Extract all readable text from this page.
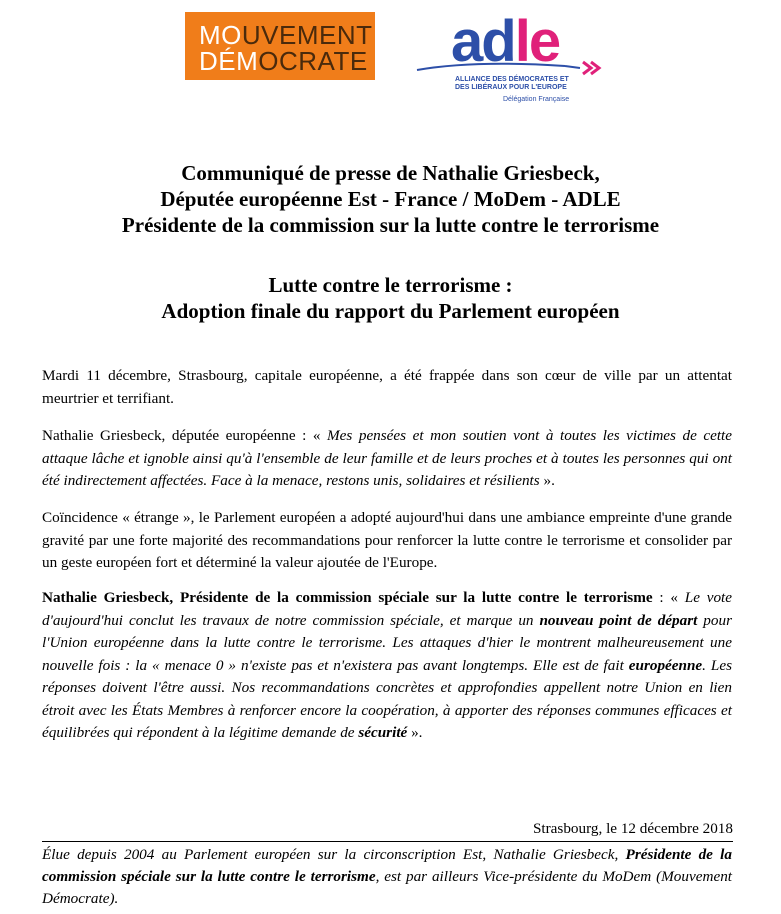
MOUVEMENT
DÉMOCRATE adle
ALLIANCE DES DÉMOCRATES ET
DES LIBÉRAUX POUR L'EUROPE
Délégation Française
Communiqué de presse de Nathalie Griesbeck,
Députée européenne Est - France / MoDem - ADLE
Présidente de la commission sur la lutte contre le terrorisme
Lutte contre le terrorisme :
Adoption finale du rapport du Parlement européen
Mardi 11 décembre, Strasbourg, capitale européenne, a été frappée dans son cœur de ville par un attentat meurtrier et terrifiant.
Nathalie Griesbeck, députée européenne : « Mes pensées et mon soutien vont à toutes les victimes de cette attaque lâche et ignoble ainsi qu'à l'ensemble de leur famille et de leurs proches et à toutes les personnes qui ont été indirectement affectées. Face à la menace, restons unis, solidaires et résilients ».
Coïncidence « étrange », le Parlement européen a adopté aujourd'hui dans une ambiance empreinte d'une grande gravité par une forte majorité des recommandations pour renforcer la lutte contre le terrorisme et consolider par un geste européen fort et déterminé la valeur ajoutée de l'Europe.
Nathalie Griesbeck, Présidente de la commission spéciale sur la lutte contre le terrorisme : « Le vote d'aujourd'hui conclut les travaux de notre commission spéciale, et marque un nouveau point de départ pour l'Union européenne dans la lutte contre le terrorisme. Les attaques d'hier le montrent malheureusement une nouvelle fois : la « menace 0 » n'existe pas et n'existera pas avant longtemps. Elle est de fait européenne. Les réponses doivent l'être aussi. Nos recommandations concrètes et approfondies appellent notre Union en lien étroit avec les États Membres à renforcer encore la coopération, à apporter des réponses communes efficaces et équilibrées qui répondent à la légitime demande de sécurité ».
Strasbourg, le 12 décembre 2018
Élue depuis 2004 au Parlement européen sur la circonscription Est, Nathalie Griesbeck, Présidente de la commission spéciale sur la lutte contre le terrorisme, est par ailleurs Vice-présidente du MoDem (Mouvement Démocrate).
